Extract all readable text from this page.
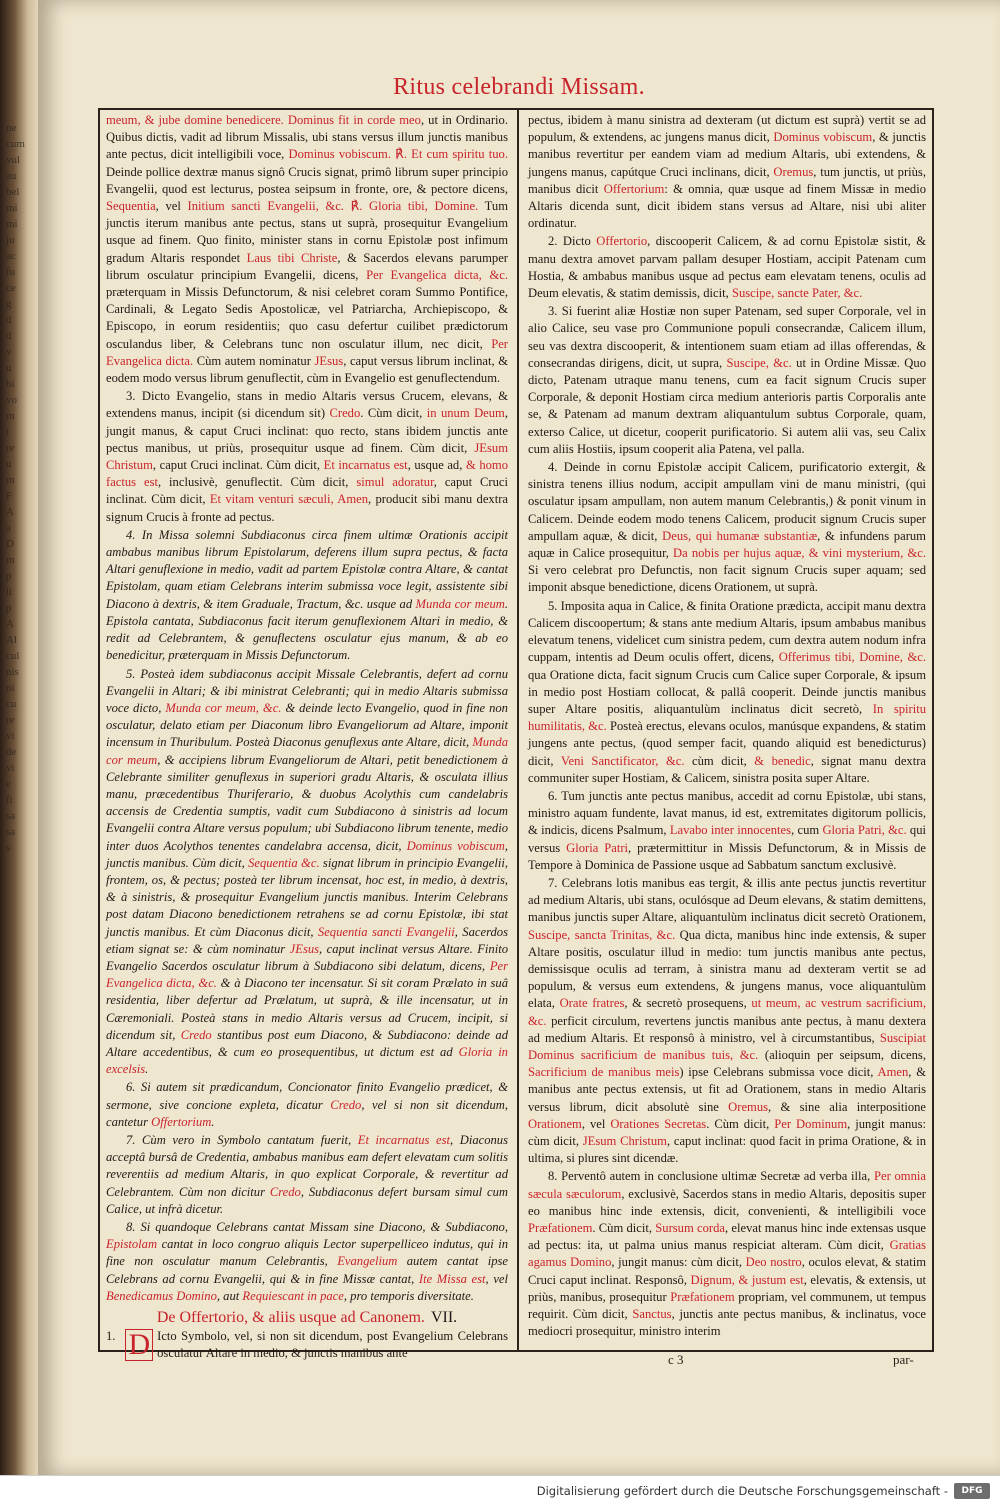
ne
cum
vul
au
bel
mi
mi
ju
ac
fu
ce
g
d
d
v
u
bi
vo
m
t
re
u
m
F
A
a
D
m
p
li
p
A
Al
cul
nis
ni
cu
re
vi
de
vi
e
fi
sa
sa
s
Ritus celebrandi Missam.

meum, & jube domine benedicere. Dominus fit in corde meo, ut in Ordinario. Quibus dictis, vadit ad librum Missalis, ubi stans versus illum junctis manibus ante pectus, dicit intelligibili voce, Dominus vobiscum. ℟. Et cum spiritu tuo. Deinde pollice dextræ manus signô Crucis signat, primô librum super principio Evangelii, quod est lecturus, postea seipsum in fronte, ore, & pectore dicens, Sequentia, vel Initium sancti Evangelii, &c. ℟. Gloria tibi, Domine. Tum junctis iterum manibus ante pectus, stans ut suprà, prosequitur Evangelium usque ad finem. Quo finito, minister stans in cornu Epistolæ post infimum gradum Altaris respondet Laus tibi Christe, & Sacerdos elevans parumper librum osculatur principium Evangelii, dicens, Per Evangelica dicta, &c. præterquam in Missis Defunctorum, & nisi celebret coram Summo Pontifice, Cardinali, & Legato Sedis Apostolicæ, vel Patriarcha, Archiepiscopo, & Episcopo, in eorum residentiis; quo casu defertur cuilibet prædictorum osculandus liber, & Celebrans tunc non osculatur illum, nec dicit, Per Evangelica dicta. Cùm autem nominatur JEsus, caput versus librum inclinat, & eodem modo versus librum genuflectit, cùm in Evangelio est genuflectendum.

3. Dicto Evangelio, stans in medio Altaris versus Crucem, elevans, & extendens manus, incipit (si dicendum sit) Credo. Cùm dicit, in unum Deum, jungit manus, & caput Cruci inclinat: quo recto, stans ibidem junctis ante pectus manibus, ut priùs, prosequitur usque ad finem. Cùm dicit, JEsum Christum, caput Cruci inclinat. Cùm dicit, Et incarnatus est, usque ad, & homo factus est, inclusivè, genuflectit. Cùm dicit, simul adoratur, caput Cruci inclinat. Cùm dicit, Et vitam venturi sæculi, Amen, producit sibi manu dextra signum Crucis à fronte ad pectus.

4. In Missa solemni Subdiaconus circa finem ultimæ Orationis accipit ambabus manibus librum Epistolarum, deferens illum supra pectus, & facta Altari genuflexione in medio, vadit ad partem Epistolæ contra Altare, & cantat Epistolam, quam etiam Celebrans interim submissa voce legit, assistente sibi Diacono à dextris, & item Graduale, Tractum, &c. usque ad Munda cor meum. Epistola cantata, Subdiaconus facit iterum genuflexionem Altari in medio, & redit ad Celebrantem, & genuflectens osculatur ejus manum, & ab eo benedicitur, præterquam in Missis Defunctorum.

5. Posteà idem subdiaconus accipit Missale Celebrantis, defert ad cornu Evangelii in Altari; & ibi ministrat Celebranti; qui in medio Altaris submissa voce dicto, Munda cor meum, &c. & deinde lecto Evangelio, quod in fine non osculatur, delato etiam per Diaconum libro Evangeliorum ad Altare, imponit incensum in Thuribulum. Posteà Diaconus genuflexus ante Altare, dicit, Munda cor meum, & accipiens librum Evangeliorum de Altari, petit benedictionem à Celebrante similiter genuflexus in superiori gradu Altaris, & osculata illius manu, præcedentibus Thuriferario, & duobus Acolythis cum candelabris accensis de Credentia sumptis, vadit cum Subdiacono à sinistris ad locum Evangelii contra Altare versus populum; ubi Subdiacono librum tenente, medio inter duos Acolythos tenentes candelabra accensa, dicit, Dominus vobiscum, junctis manibus. Cùm dicit, Sequentia &c. signat librum in principio Evangelii, frontem, os, & pectus; posteà ter librum incensat, hoc est, in medio, à dextris, & à sinistris, & prosequitur Evangelium junctis manibus. Interim Celebrans post datam Diacono benedictionem retrahens se ad cornu Epistolæ, ibi stat junctis manibus. Et cùm Diaconus dicit, Sequentia sancti Evangelii, Sacerdos etiam signat se: & cùm nominatur JEsus, caput inclinat versus Altare. Finito Evangelio Sacerdos osculatur librum à Subdiacono sibi delatum, dicens, Per Evangelica dicta, &c. & à Diacono ter incensatur. Si sit coram Prælato in suâ residentia, liber defertur ad Prælatum, ut suprà, & ille incensatur, ut in Cæremoniali. Posteà stans in medio Altaris versus ad Crucem, incipit, si dicendum sit, Credo stantibus post eum Diacono, & Subdiacono: deinde ad Altare accedentibus, & cum eo prosequentibus, ut dictum est ad Gloria in excelsis.

6. Si autem sit prædicandum, Concionator finito Evangelio prædicet, & sermone, sive concione expleta, dicatur Credo, vel si non sit dicendum, cantetur Offertorium.

7. Cùm vero in Symbolo cantatum fuerit, Et incarnatus est, Diaconus acceptâ bursâ de Credentia, ambabus manibus eam defert elevatam cum solitis reverentiis ad medium Altaris, in quo explicat Corporale, & revertitur ad Celebrantem. Cùm non dicitur Credo, Subdiaconus defert bursam simul cum Calice, ut infrà dicetur.

8. Si quandoque Celebrans cantat Missam sine Diacono, & Subdiacono, Epistolam cantat in loco congruo aliquis Lector superpelliceo indutus, qui in fine non osculatur manum Celebrantis, Evangelium autem cantat ipse Celebrans ad cornu Evangelii, qui & in fine Missæ cantat, Ite Missa est, vel Benedicamus Domino, aut Requiescant in pace, pro temporis diversitate.

De Offertorio, & aliis usque ad Canonem. VII.

1. D Icto Symbolo, vel, si non sit dicendum, post Evangelium Celebrans osculatur Altare in medio, & junctis manibus ante

pectus, ibidem à manu sinistra ad dexteram (ut dictum est suprà) vertit se ad populum, & extendens, ac jungens manus dicit, Dominus vobiscum, & junctis manibus revertitur per eandem viam ad medium Altaris, ubi extendens, & jungens manus, capútque Cruci inclinans, dicit, Oremus, tum junctis, ut priùs, manibus dicit Offertorium: & omnia, quæ usque ad finem Missæ in medio Altaris dicenda sunt, dicit ibidem stans versus ad Altare, nisi ubi aliter ordinatur.

2. Dicto Offertorio, discooperit Calicem, & ad cornu Epistolæ sistit, & manu dextra amovet parvam pallam desuper Hostiam, accipit Patenam cum Hostia, & ambabus manibus usque ad pectus eam elevatam tenens, oculis ad Deum elevatis, & statim demissis, dicit, Suscipe, sancte Pater, &c.

3. Si fuerint aliæ Hostiæ non super Patenam, sed super Corporale, vel in alio Calice, seu vase pro Communione populi consecrandæ, Calicem illum, seu vas dextra discooperit, & intentionem suam etiam ad illas offerendas, & consecrandas dirigens, dicit, ut supra, Suscipe, &c. ut in Ordine Missæ. Quo dicto, Patenam utraque manu tenens, cum ea facit signum Crucis super Corporale, & deponit Hostiam circa medium anterioris partis Corporalis ante se, & Patenam ad manum dextram aliquantulum subtus Corporale, quam, exterso Calice, ut dicetur, cooperit purificatorio. Si autem alii vas, seu Calix cum aliis Hostiis, ipsum cooperit alia Patena, vel palla.

4. Deinde in cornu Epistolæ accipit Calicem, purificatorio extergit, & sinistra tenens illius nodum, accipit ampullam vini de manu ministri, (qui osculatur ipsam ampullam, non autem manum Celebrantis,) & ponit vinum in Calicem. Deinde eodem modo tenens Calicem, producit signum Crucis super ampullam aquæ, & dicit, Deus, qui humanæ substantiæ, & infundens parum aquæ in Calice prosequitur, Da nobis per hujus aquæ, & vini mysterium, &c. Si vero celebrat pro Defunctis, non facit signum Crucis super aquam; sed imponit absque benedictione, dicens Orationem, ut suprà.

5. Imposita aqua in Calice, & finita Oratione prædicta, accipit manu dextra Calicem discoopertum; & stans ante medium Altaris, ipsum ambabus manibus elevatum tenens, videlicet cum sinistra pedem, cum dextra autem nodum infra cuppam, intentis ad Deum oculis offert, dicens, Offerimus tibi, Domine, &c. qua Oratione dicta, facit signum Crucis cum Calice super Corporale, & ipsum in medio post Hostiam collocat, & pallâ cooperit. Deinde junctis manibus super Altare positis, aliquantulùm inclinatus dicit secretò, In spiritu humilitatis, &c. Posteà erectus, elevans oculos, manúsque expandens, & statim jungens ante pectus, (quod semper facit, quando aliquid est benedicturus) dicit, Veni Sanctificator, &c. cùm dicit, & benedic, signat manu dextra communiter super Hostiam, & Calicem, sinistra posita super Altare.

6. Tum junctis ante pectus manibus, accedit ad cornu Epistolæ, ubi stans, ministro aquam fundente, lavat manus, id est, extremitates digitorum pollicis, & indicis, dicens Psalmum, Lavabo inter innocentes, cum Gloria Patri, &c. qui versus Gloria Patri, prætermittitur in Missis Defunctorum, & in Missis de Tempore à Dominica de Passione usque ad Sabbatum sanctum exclusivè.

7. Celebrans lotis manibus eas tergit, & illis ante pectus junctis revertitur ad medium Altaris, ubi stans, oculósque ad Deum elevans, & statim demittens, manibus junctis super Altare, aliquantulùm inclinatus dicit secretò Orationem, Suscipe, sancta Trinitas, &c. Qua dicta, manibus hinc inde extensis, & super Altare positis, osculatur illud in medio: tum junctis manibus ante pectus, demissisque oculis ad terram, à sinistra manu ad dexteram vertit se ad populum, & versus eum extendens, & jungens manus, voce aliquantulùm elata, Orate fratres, & secretò prosequens, ut meum, ac vestrum sacrificium, &c. perficit circulum, revertens junctis manibus ante pectus, à manu dextera ad medium Altaris. Et responsô à ministro, vel à circumstantibus, Suscipiat Dominus sacrificium de manibus tuis, &c. (alioquin per seipsum, dicens, Sacrificium de manibus meis) ipse Celebrans submissa voce dicit, Amen, & manibus ante pectus extensis, ut fit ad Orationem, stans in medio Altaris versus librum, dicit absolutè sine Oremus, & sine alia interpositione Orationem, vel Orationes Secretas. Cùm dicit, Per Dominum, jungit manus: cùm dicit, JEsum Christum, caput inclinat: quod facit in prima Oratione, & in ultima, si plures sint dicendæ.

8. Perventô autem in conclusione ultimæ Secretæ ad verba illa, Per omnia sæcula sæculorum, exclusivè, Sacerdos stans in medio Altaris, depositis super eo manibus hinc inde extensis, dicit, convenienti, & intelligibili voce Præfationem. Cùm dicit, Sursum corda, elevat manus hinc inde extensas usque ad pectus: ita, ut palma unius manus respiciat alteram. Cùm dicit, Gratias agamus Domino, jungit manus: cùm dicit, Deo nostro, oculos elevat, & statim Cruci caput inclinat. Responsô, Dignum, & justum est, elevatis, & extensis, ut priùs, manibus, prosequitur Præfationem propriam, vel communem, ut tempus requirit. Cùm dicit, Sanctus, junctis ante pectus manibus, & inclinatus, voce mediocri prosequitur, ministro interim

c 3	par-
Digitalisierung gefördert durch die Deutsche Forschungsgemeinschaft -	DFG
